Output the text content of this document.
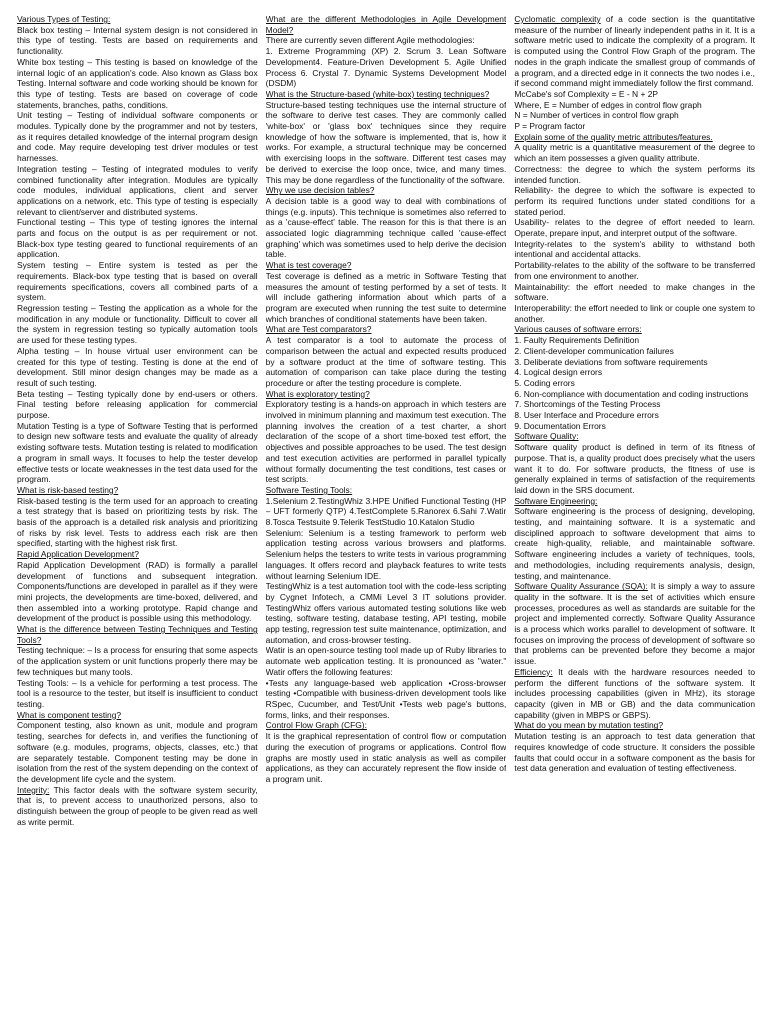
Various Types of Testing:
Black box testing – Internal system design is not considered in this type of testing. Tests are based on requirements and functionality.

White box testing – This testing is based on knowledge of the internal logic of an application's code. Also known as Glass box Testing. Internal software and code working should be known for this type of testing. Tests are based on coverage of code statements, branches, paths, conditions.

Unit testing – Testing of individual software components or modules. Typically done by the programmer and not by testers, as it requires detailed knowledge of the internal program design and code. May require developing test driver modules or test harnesses.

Integration testing – Testing of integrated modules to verify combined functionality after integration. Modules are typically code modules, individual applications, client and server applications on a network, etc. This type of testing is especially relevant to client/server and distributed systems.

Functional testing – This type of testing ignores the internal parts and focus on the output is as per requirement or not. Black-box type testing geared to functional requirements of an application.

System testing – Entire system is tested as per the requirements. Black-box type testing that is based on overall requirements specifications, covers all combined parts of a system.

Regression testing – Testing the application as a whole for the modification in any module or functionality. Difficult to cover all the system in regression testing so typically automation tools are used for these testing types.

Alpha testing – In house virtual user environment can be created for this type of testing. Testing is done at the end of development. Still minor design changes may be made as a result of such testing.

Beta testing – Testing typically done by end-users or others. Final testing before releasing application for commercial purpose.

Mutation Testing is a type of Software Testing that is performed to design new software tests and evaluate the quality of already existing software tests. Mutation testing is related to modification a program in small ways. It focuses to help the tester develop effective tests or locate weaknesses in the test data used for the program.

What is risk-based testing?

Risk-based testing is the term used for an approach to creating a test strategy that is based on prioritizing tests by risk. The basis of the approach is a detailed risk analysis and prioritizing of risks by risk level. Tests to address each risk are then specified, starting with the highest risk first.

Rapid Application Development?

Rapid Application Development (RAD) is formally a parallel development of functions and subsequent integration. Components/functions are developed in parallel as if they were mini projects, the developments are time-boxed, delivered, and then assembled into a working prototype. Rapid change and development of the product is possible using this methodology.

What is the difference between Testing Techniques and Testing Tools?

Testing technique: – Is a process for ensuring that some aspects of the application system or unit functions properly there may be few techniques but many tools.

Testing Tools: – Is a vehicle for performing a test process. The tool is a resource to the tester, but itself is insufficient to conduct testing.

What is component testing?

Component testing, also known as unit, module and program testing, searches for defects in, and verifies the functioning of software (e.g. modules, programs, objects, classes, etc.) that are separately testable. Component testing may be done in isolation from the rest of the system depending on the context of the development life cycle and the system.

Integrity: This factor deals with the software system security, that is, to prevent access to unauthorized persons, also to distinguish between the group of people to be given read as well as write permit.

What are the different Methodologies in Agile Development Model?

There are currently seven different Agile methodologies:

1. Extreme Programming (XP) 2. Scrum 3. Lean Software Development4. Feature-Driven Development 5. Agile Unified Process 6. Crystal 7. Dynamic Systems Development Model (DSDM)

What is the Structure-based (white-box) testing techniques?

Structure-based testing techniques use the internal structure of the software to derive test cases. They are commonly called 'white-box' or 'glass box' techniques since they require knowledge of how the software is implemented, that is, how it works. For example, a structural technique may be concerned with exercising loops in the software. Different test cases may be derived to exercise the loop once, twice, and many times. This may be done regardless of the functionality of the software.

Why we use decision tables?

A decision table is a good way to deal with combinations of things (e.g. inputs). This technique is sometimes also referred to as a 'cause-effect' table. The reason for this is that there is an associated logic diagramming technique called 'cause-effect graphing' which was sometimes used to help derive the decision table.

What is test coverage?

Test coverage is defined as a metric in Software Testing that measures the amount of testing performed by a set of tests. It will include gathering information about which parts of a program are executed when running the test suite to determine which branches of conditional statements have been taken.

What are Test comparators?

A test comparator is a tool to automate the process of comparison between the actual and expected results produced by a software product at the time of software testing. This automation of comparison can take place during the testing procedure or after the testing procedure is complete.

What is exploratory testing?

Exploratory testing is a hands-on approach in which testers are involved in minimum planning and maximum test execution. The planning involves the creation of a test charter, a short declaration of the scope of a short time-boxed test effort, the objectives and possible approaches to be used. The test design and test execution activities are performed in parallel typically without formally documenting the test conditions, test cases or test scripts.

Software Testing Tools:

1.Selenium 2.TestingWhiz 3.HPE Unified Functional Testing (HP – UFT formerly QTP) 4.TestComplete 5.Ranorex 6.Sahi 7.Watir 8.Tosca Testsuite 9.Telerik TestStudio 10.Katalon Studio

Selenium: Selenium is a testing framework to perform web application testing across various browsers and platforms. Selenium helps the testers to write tests in various programming languages. It offers record and playback features to write tests without learning Selenium IDE.

TestingWhiz is a test automation tool with the code-less scripting by Cygnet Infotech, a CMMi Level 3 IT solutions provider. TestingWhiz offers various automated testing solutions like web testing, software testing, database testing, API testing, mobile app testing, regression test suite maintenance, optimization, and automation, and cross-browser testing.

Watir is an open-source testing tool made up of Ruby libraries to automate web application testing. It is pronounced as "water." Watir offers the following features:

•Tests any language-based web application •Cross-browser testing •Compatible with business-driven development tools like RSpec, Cucumber, and Test/Unit •Tests web page's buttons, forms, links, and their responses.

Control Flow Graph (CFG):

It is the graphical representation of control flow or computation during the execution of programs or applications. Control flow graphs are mostly used in static analysis as well as compiler applications, as they can accurately represent the flow inside of a program unit.

Cyclomatic complexity of a code section is the quantitative measure of the number of linearly independent paths in it. It is a software metric used to indicate the complexity of a program. It is computed using the Control Flow Graph of the program. The nodes in the graph indicate the smallest group of commands of a program, and a directed edge in it connects the two nodes i.e., if second command might immediately follow the first command.

McCabe's sof Complexity = E - N + 2P

Where, E = Number of edges in control flow graph

N = Number of vertices in control flow graph

P = Program factor

Explain some of the quality metric attributes/features.

A quality metric is a quantitative measurement of the degree to which an item possesses a given quality attribute.

Correctness: the degree to which the system performs its intended function.

Reliability- the degree to which the software is expected to perform its required functions under stated conditions for a stated period.

Usability- relates to the degree of effort needed to learn. Operate, prepare input, and interpret output of the software.

Integrity-relates to the system's ability to withstand both intentional and accidental attacks.

Portability-relates to the ability of the software to be transferred from one environment to another.

Maintainability: the effort needed to make changes in the software.

Interoperability: the effort needed to link or couple one system to another.

Various causes of software errors:

1. Faulty Requirements Definition

2. Client-developer communication failures

3. Deliberate deviations from software requirements

4. Logical design errors

5. Coding errors

6. Non-compliance with documentation and coding instructions

7. Shortcomings of the Testing Process

8. User Interface and Procedure errors

9. Documentation Errors

Software Quality:

Software quality product is defined in term of its fitness of purpose. That is, a quality product does precisely what the users want it to do. For software products, the fitness of use is generally explained in terms of satisfaction of the requirements laid down in the SRS document.

Software Engineering:

Software engineering is the process of designing, developing, testing, and maintaining software. It is a systematic and disciplined approach to software development that aims to create high-quality, reliable, and maintainable software. Software engineering includes a variety of techniques, tools, and methodologies, including requirements analysis, design, testing, and maintenance.

Software Quality Assurance (SQA): It is simply a way to assure quality in the software. It is the set of activities which ensure processes, procedures as well as standards are suitable for the project and implemented correctly. Software Quality Assurance is a process which works parallel to development of software. It focuses on improving the process of development of software so that problems can be prevented before they become a major issue.

Efficiency: It deals with the hardware resources needed to perform the different functions of the software system. It includes processing capabilities (given in MHz), its storage capacity (given in MB or GB) and the data communication capability (given in MBPS or GBPS).

What do you mean by mutation testing?

Mutation testing is an approach to test data generation that requires knowledge of code structure. It considers the possible faults that could occur in a software component as the basis for test data generation and evaluation of testing effectiveness.
